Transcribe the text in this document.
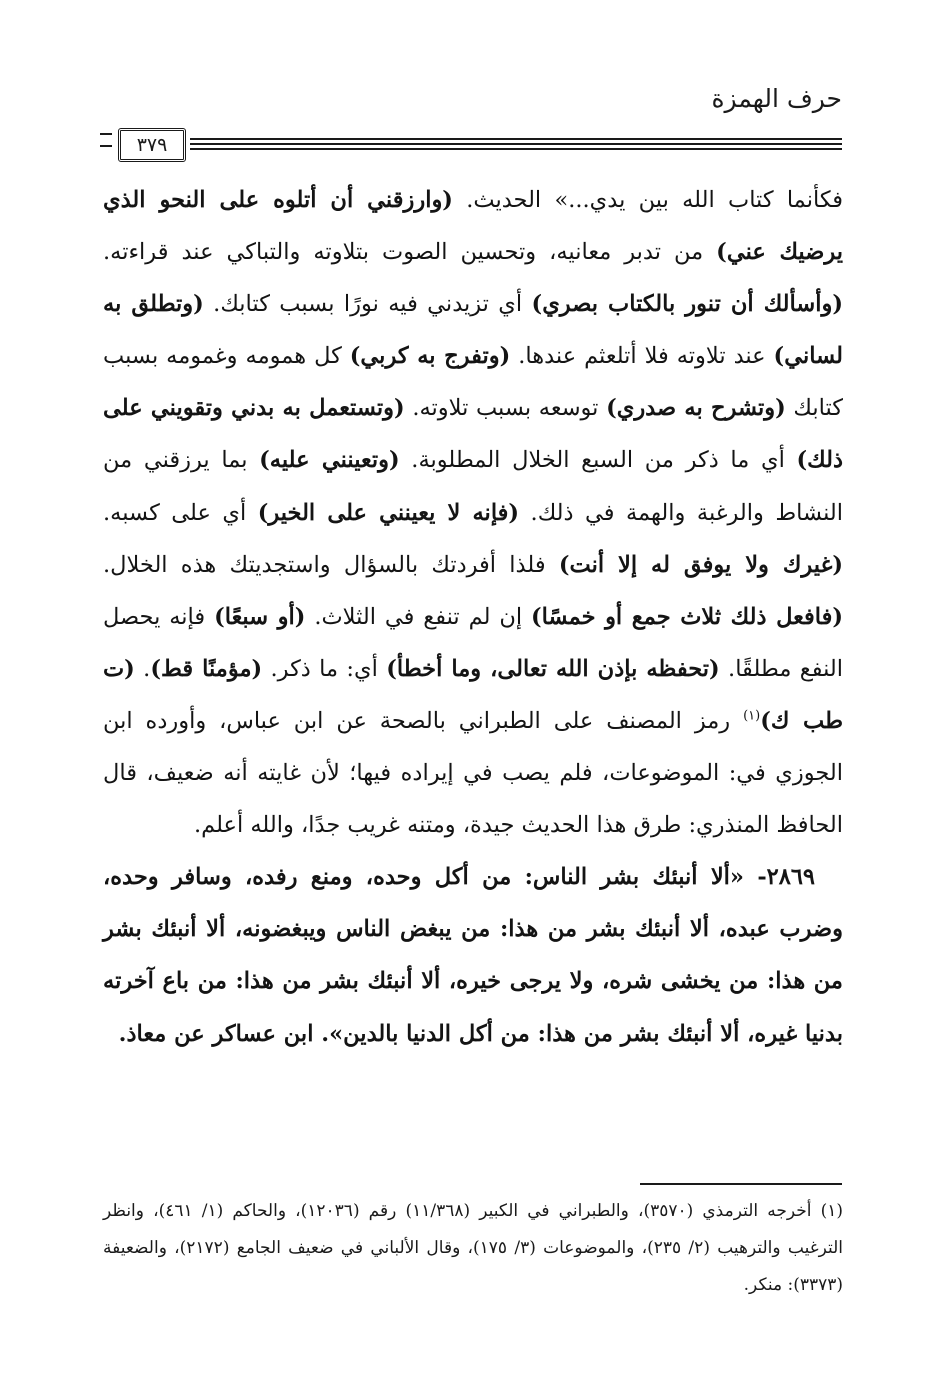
حرف الهمزة
٣٧٩

فكأنما كتاب الله بين يدي...» الحديث. (وارزقني أن أتلوه على النحو الذي يرضيك عني) من تدبر معانيه، وتحسين الصوت بتلاوته والتباكي عند قراءته. (وأسألك أن تنور بالكتاب بصري) أي تزيدني فيه نورًا بسبب كتابك. (وتطلق به لساني) عند تلاوته فلا أتلعثم عندها. (وتفرج به كربي) كل همومه وغمومه بسبب كتابك (وتشرح به صدري) توسعه بسبب تلاوته. (وتستعمل به بدني وتقويني على ذلك) أي ما ذكر من السبع الخلال المطلوبة. (وتعينني عليه) بما يرزقني من النشاط والرغبة والهمة في ذلك. (فإنه لا يعينني على الخير) أي على كسبه. (غيرك ولا يوفق له إلا أنت) فلذا أفردتك بالسؤال واستجديتك هذه الخلال. (فافعل ذلك ثلاث جمع أو خمسًا) إن لم تنفع في الثلاث. (أو سبعًا) فإنه يحصل النفع مطلقًا. (تحفظه بإذن الله تعالى، وما أخطأ) أي: ما ذكر. (مؤمنًا قط). (ت طب ك)$^{(١)}$ رمز المصنف على الطبراني بالصحة عن ابن عباس، وأورده ابن الجوزي في: الموضوعات، فلم يصب في إيراده فيها؛ لأن غايته أنه ضعيف، قال الحافظ المنذري: طرق هذا الحديث جيدة، ومتنه غريب جدًا، والله أعلم.

٢٨٦٩- «ألا أنبئك بشر الناس: من أكل وحده، ومنع رفده، وسافر وحده، وضرب عبده، ألا أنبئك بشر من هذا: من يبغض الناس ويبغضونه، ألا أنبئك بشر من هذا: من يخشى شره، ولا يرجى خيره، ألا أنبئك بشر من هذا: من باع آخرته بدنيا غيره، ألا أنبئك بشر من هذا: من أكل الدنيا بالدين». ابن عساكر عن معاذ.

(١) أخرجه الترمذي (٣٥٧٠)، والطبراني في الكبير (١١/٣٦٨) رقم (١٢٠٣٦)، والحاكم (١/ ٤٦١)، وانظر الترغيب والترهيب (٢/ ٢٣٥)، والموضوعات (٣/ ١٧٥)، وقال الألباني في ضعيف الجامع (٢١٧٢)، والضعيفة (٣٣٧٣): منكر.
